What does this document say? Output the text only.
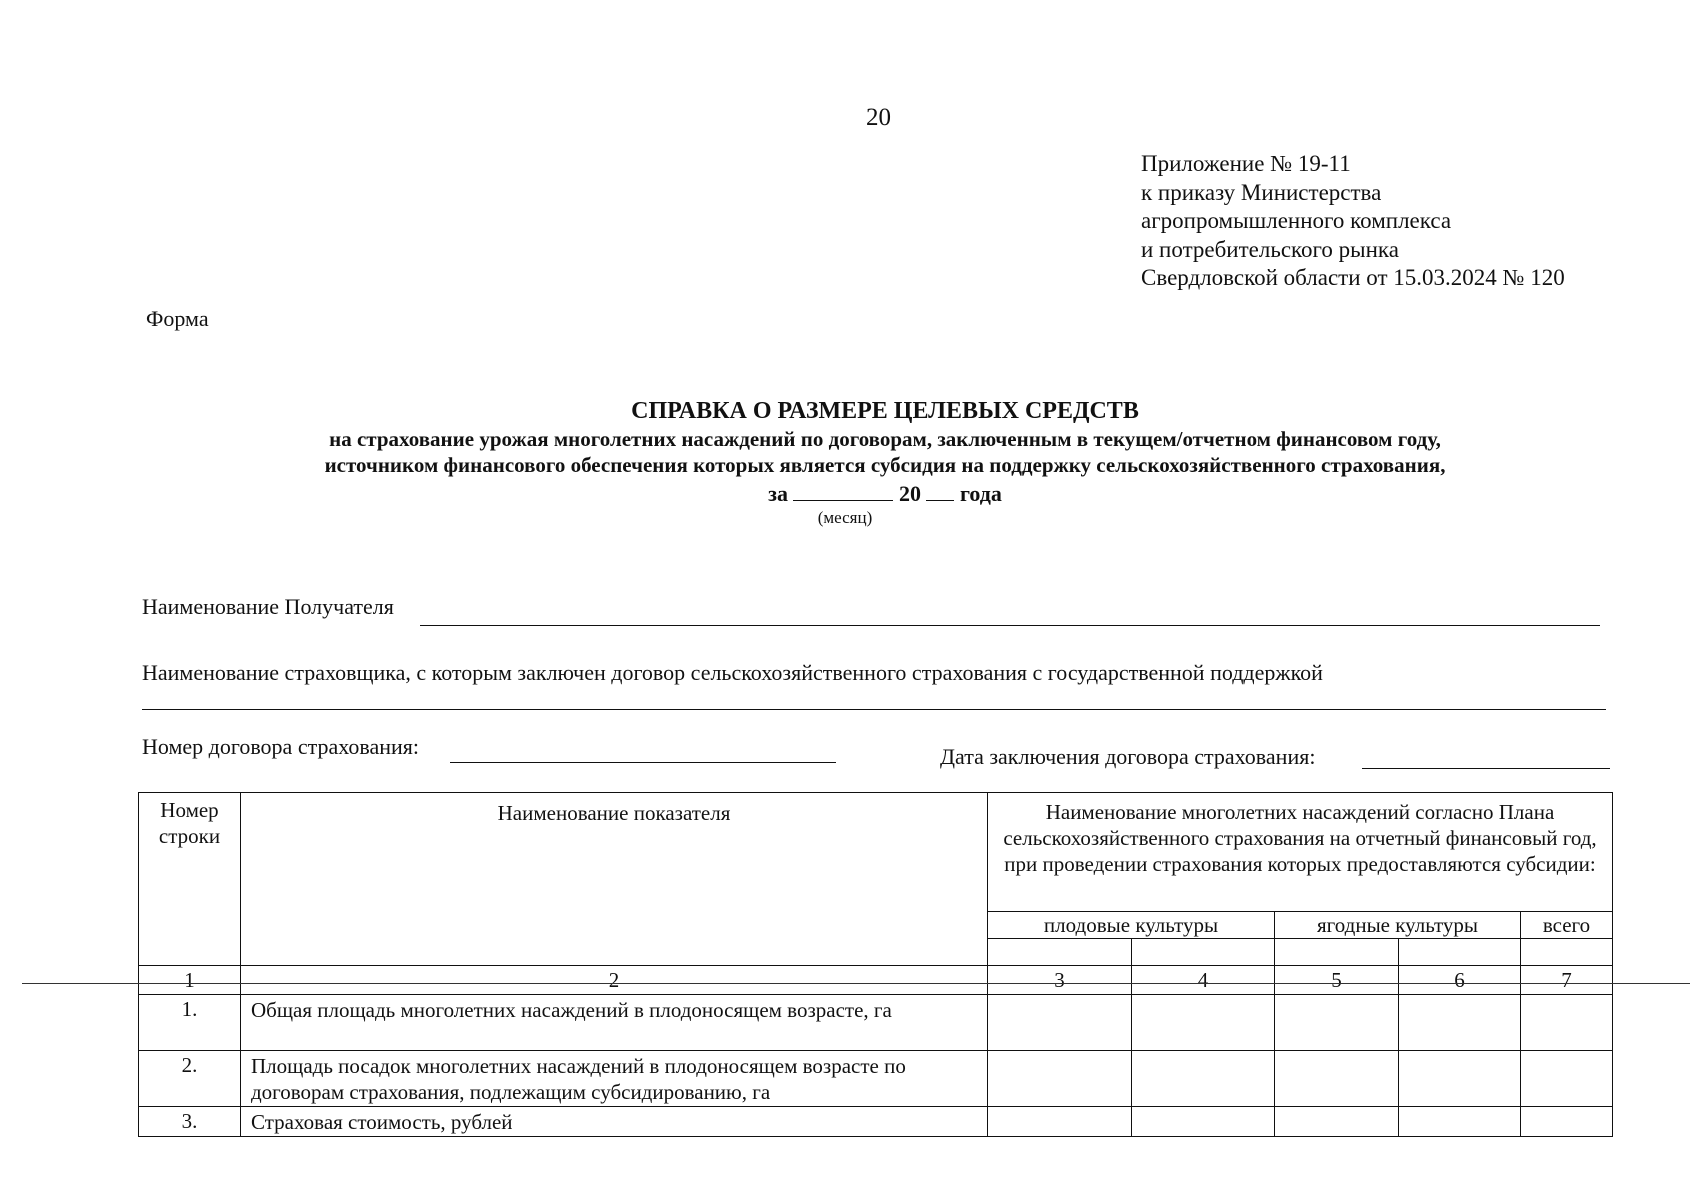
20
Приложение № 19-11
к приказу Министерства
агропромышленного комплекса
и потребительского рынка
Свердловской области от 15.03.2024 № 120
Форма
СПРАВКА О РАЗМЕРЕ ЦЕЛЕВЫХ СРЕДСТВ
на страхование урожая многолетних насаждений по договорам, заключенным в текущем/отчетном финансовом году,
источником финансового обеспечения которых является субсидия на поддержку сельскохозяйственного страхования,
за	20 года
(месяц)
Наименование Получателя
Наименование страховщика, с которым заключен договор сельскохозяйственного страхования с государственной поддержкой
Номер договора страхования:	Дата заключения договора страхования:
Номер строки	Наименование показателя	Наименование многолетних насаждений согласно Плана сельскохозяйственного страхования на отчетный финансовый год, при проведении страхования которых предоставляются субсидии:				
		плодовые культуры		ягодные культуры		всего

1	2	3	4	5	6	7
1.	Общая площадь многолетних насаждений в плодоносящем возрасте, га					
2.	Площадь посадок многолетних насаждений в плодоносящем возрасте по договорам страхования, подлежащим субсидированию, га					
3.	Страховая стоимость, рублей					
